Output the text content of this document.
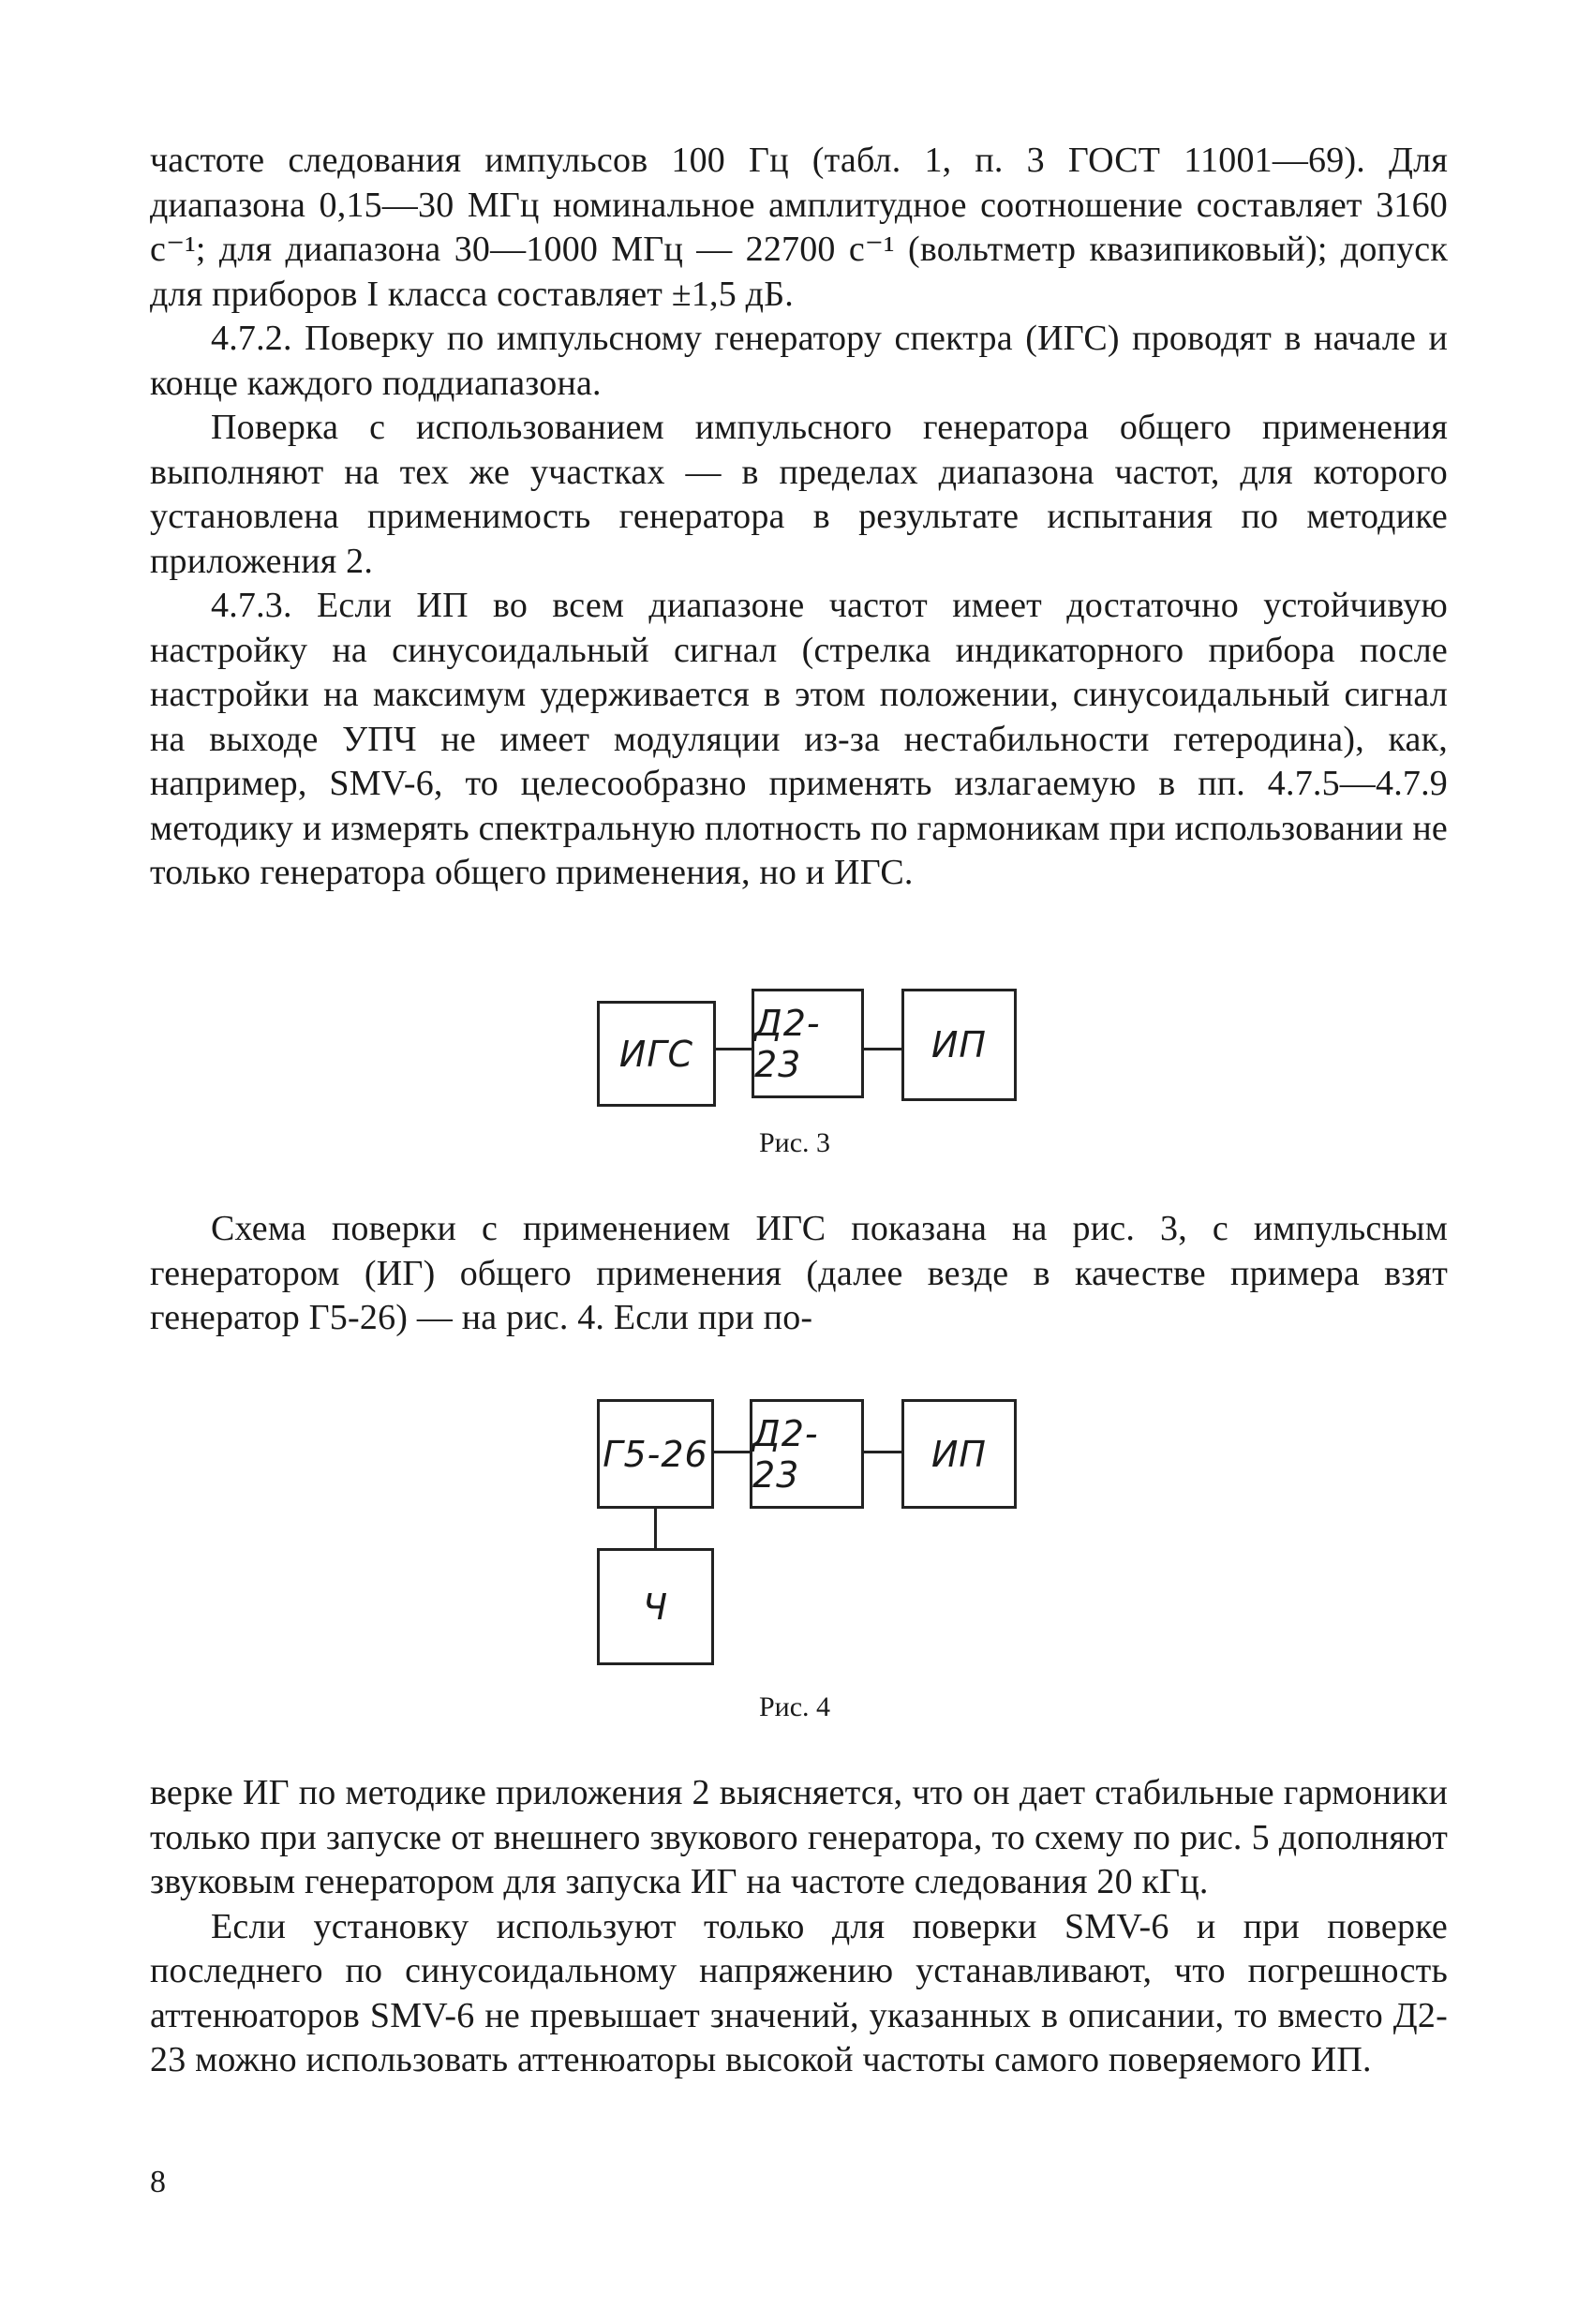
частоте следования импульсов 100 Гц (табл. 1, п. 3 ГОСТ 11001—69). Для диапазона 0,15—30 МГц номинальное амплитудное соотношение составляет 3160 с⁻¹; для диапазона 30—1000 МГц — 22700 с⁻¹ (вольтметр квазипиковый); допуск для приборов I класса составляет ±1,5 дБ.

4.7.2. Поверку по импульсному генератору спектра (ИГС) проводят в начале и конце каждого поддиапазона.

Поверка с использованием импульсного генератора общего применения выполняют на тех же участках — в пределах диапазона частот, для которого установлена применимость генератора в результате испытания по методике приложения 2.

4.7.3. Если ИП во всем диапазоне частот имеет достаточно устойчивую настройку на синусоидальный сигнал (стрелка индикаторного прибора после настройки на максимум удерживается в этом положении, синусоидальный сигнал на выходе УПЧ не имеет модуляции из-за нестабильности гетеродина), как, например, SMV-6, то целесообразно применять излагаемую в пп. 4.7.5—4.7.9 методику и измерять спектральную плотность по гармоникам при использовании не только генератора общего применения, но и ИГС.

ИГС
Д2-23	ИП
Рис. 3

Схема поверки с применением ИГС показана на рис. 3, с импульсным генератором (ИГ) общего применения (далее везде в качестве примера взят генератор Г5-26) — на рис. 4. Если при по-

Г5-26 Д2-23	ИП
Ч
Рис. 4

верке ИГ по методике приложения 2 выясняется, что он дает стабильные гармоники только при запуске от внешнего звукового генератора, то схему по рис. 5 дополняют звуковым генератором для запуска ИГ на частоте следования 20 кГц.

Если установку используют только для поверки SMV-6 и при поверке последнего по синусоидальному напряжению устанавливают, что погрешность аттенюаторов SMV-6 не превышает значений, указанных в описании, то вместо Д2-23 можно использовать аттенюаторы высокой частоты самого поверяемого ИП.

8
